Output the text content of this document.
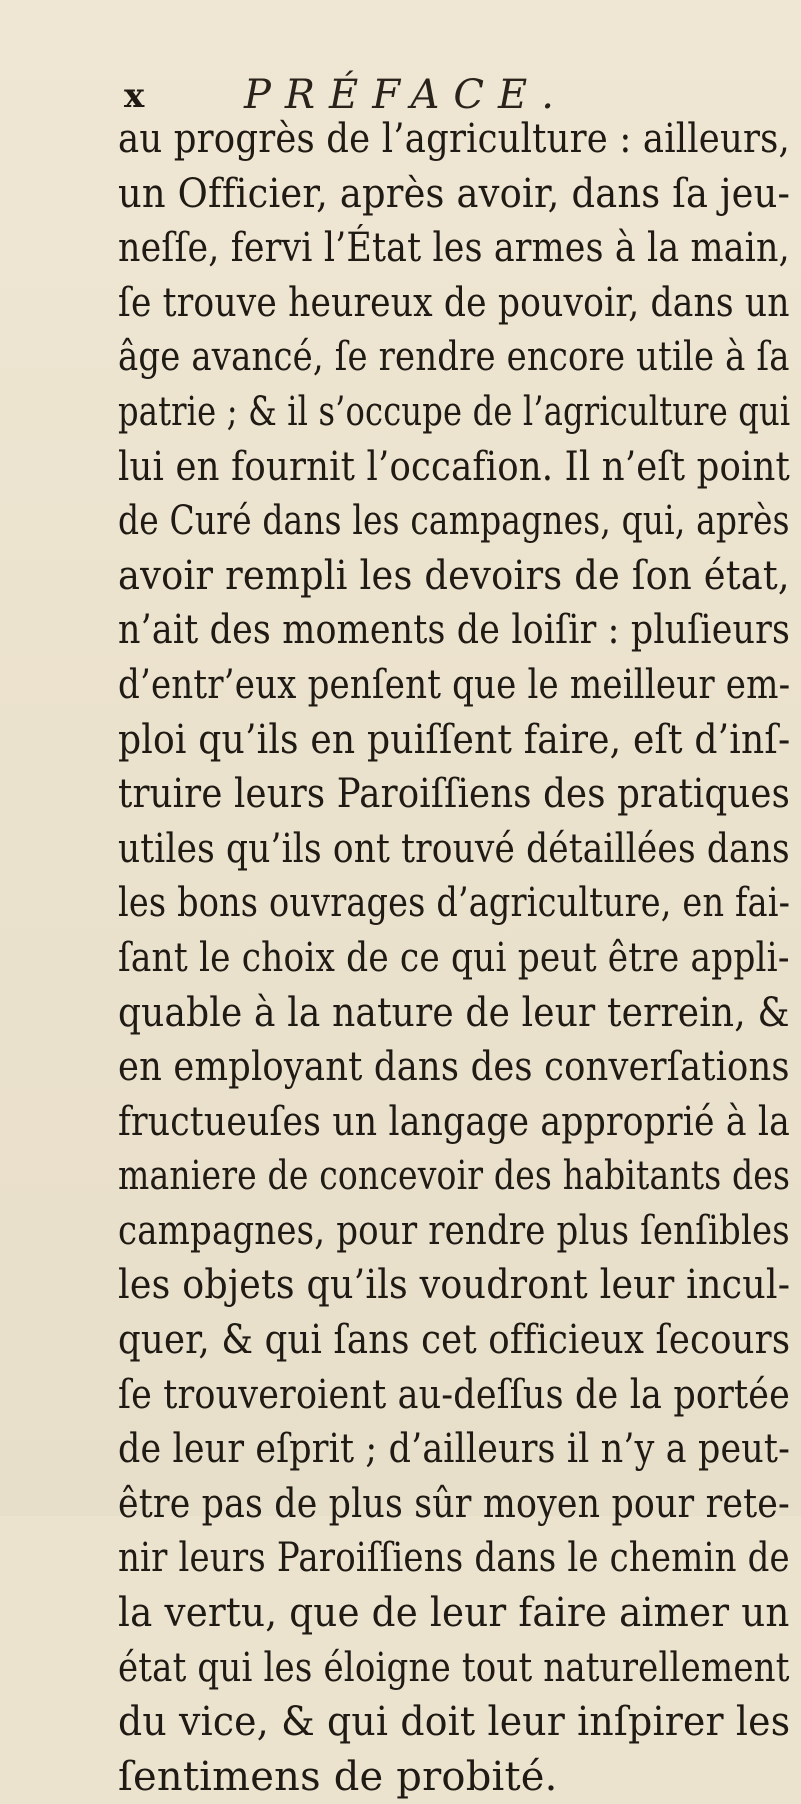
x PRÉFACE.
au progrès de l’agriculture : ailleurs,
un Officier, après avoir, dans ſa jeu-
neſſe, fervi l’État les armes à la main,
ſe trouve heureux de pouvoir, dans un
âge avancé, ſe rendre encore utile à ſa
patrie ; & il s’occupe de l’agriculture qui
lui en fournit l’occafion. Il n’eſt point
de Curé dans les campagnes, qui, après
avoir rempli les devoirs de ſon état,
n’ait des moments de loiſir : pluſieurs
d’entr’eux penſent que le meilleur em-
ploi qu’ils en puiſſent faire, eſt d’inſ-
truire leurs Paroiſſiens des pratiques
utiles qu’ils ont trouvé détaillées dans
les bons ouvrages d’agriculture, en fai-
ſant le choix de ce qui peut être appli-
quable à la nature de leur terrein, &
en employant dans des converſations
fructueuſes un langage approprié à la
maniere de concevoir des habitants des
campagnes, pour rendre plus ſenſibles
les objets qu’ils voudront leur incul-
quer, & qui ſans cet officieux ſecours
ſe trouveroient au-deſſus de la portée
de leur eſprit ; d’ailleurs il n’y a peut-
être pas de plus sûr moyen pour rete-
nir leurs Paroiſſiens dans le chemin de
la vertu, que de leur faire aimer un
état qui les éloigne tout naturellement
du vice, & qui doit leur inſpirer les
ſentimens de probité.
